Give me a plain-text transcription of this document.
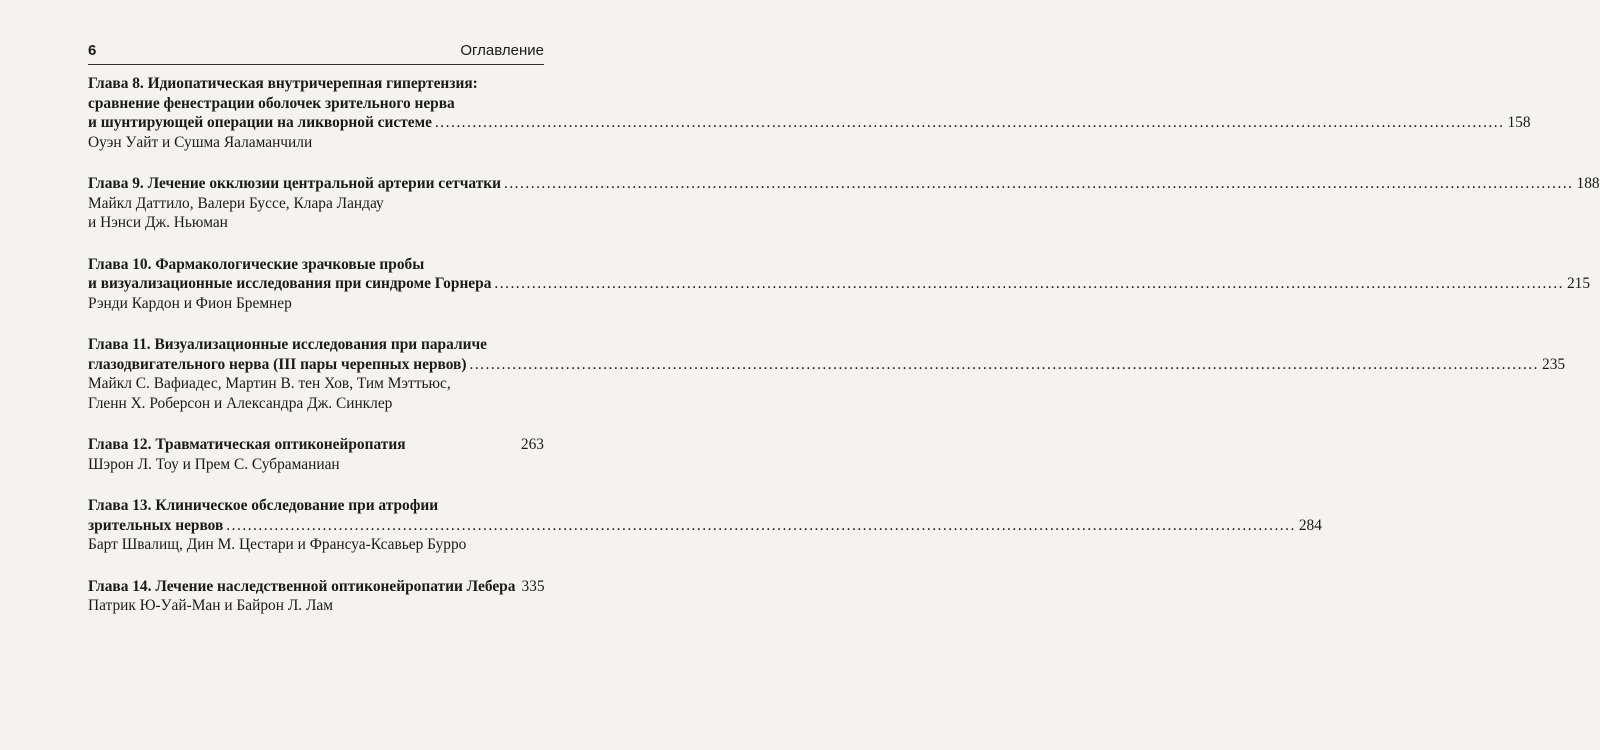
6	Оглавление
Глава 8. Идиопатическая внутричерепная гипертензия:
сравнение фенестрации оболочек зрительного нерва
и шунтирующей операции на ликворной системе ........................................................................................................................................................................................................ 158
Оуэн Уайт и Сушма Яаламанчили
Глава 9. Лечение окклюзии центральной артерии сетчатки ........................................................................................................................................................................................................ 188
Майкл Даттило, Валери Буссе, Клара Ландау
и Нэнси Дж. Ньюман
Глава 10. Фармакологические зрачковые пробы
и визуализационные исследования при синдроме Горнера ........................................................................................................................................................................................................ 215
Рэнди Кардон и Фион Бремнер
Глава 11. Визуализационные исследования при параличе
глазодвигательного нерва (III пары черепных нервов) ........................................................................................................................................................................................................ 235
Майкл С. Вафиадес, Мартин В. тен Хов, Тим Мэттьюс,
Гленн Х. Роберсон и Александра Дж. Синклер
Глава 12. Травматическая оптиконейропатия	263
Шэрон Л. Тоу и Прем С. Субраманиан
Глава 13. Клиническое обследование при атрофии
зрительных нервов ........................................................................................................................................................................................................ 284
Барт Швалищ, Дин М. Цестари и Франсуа-Ксавьер Бурро
Глава 14. Лечение наследственной оптиконейропатии Лебера 335
Патрик Ю-Уай-Ман и Байрон Л. Лам
